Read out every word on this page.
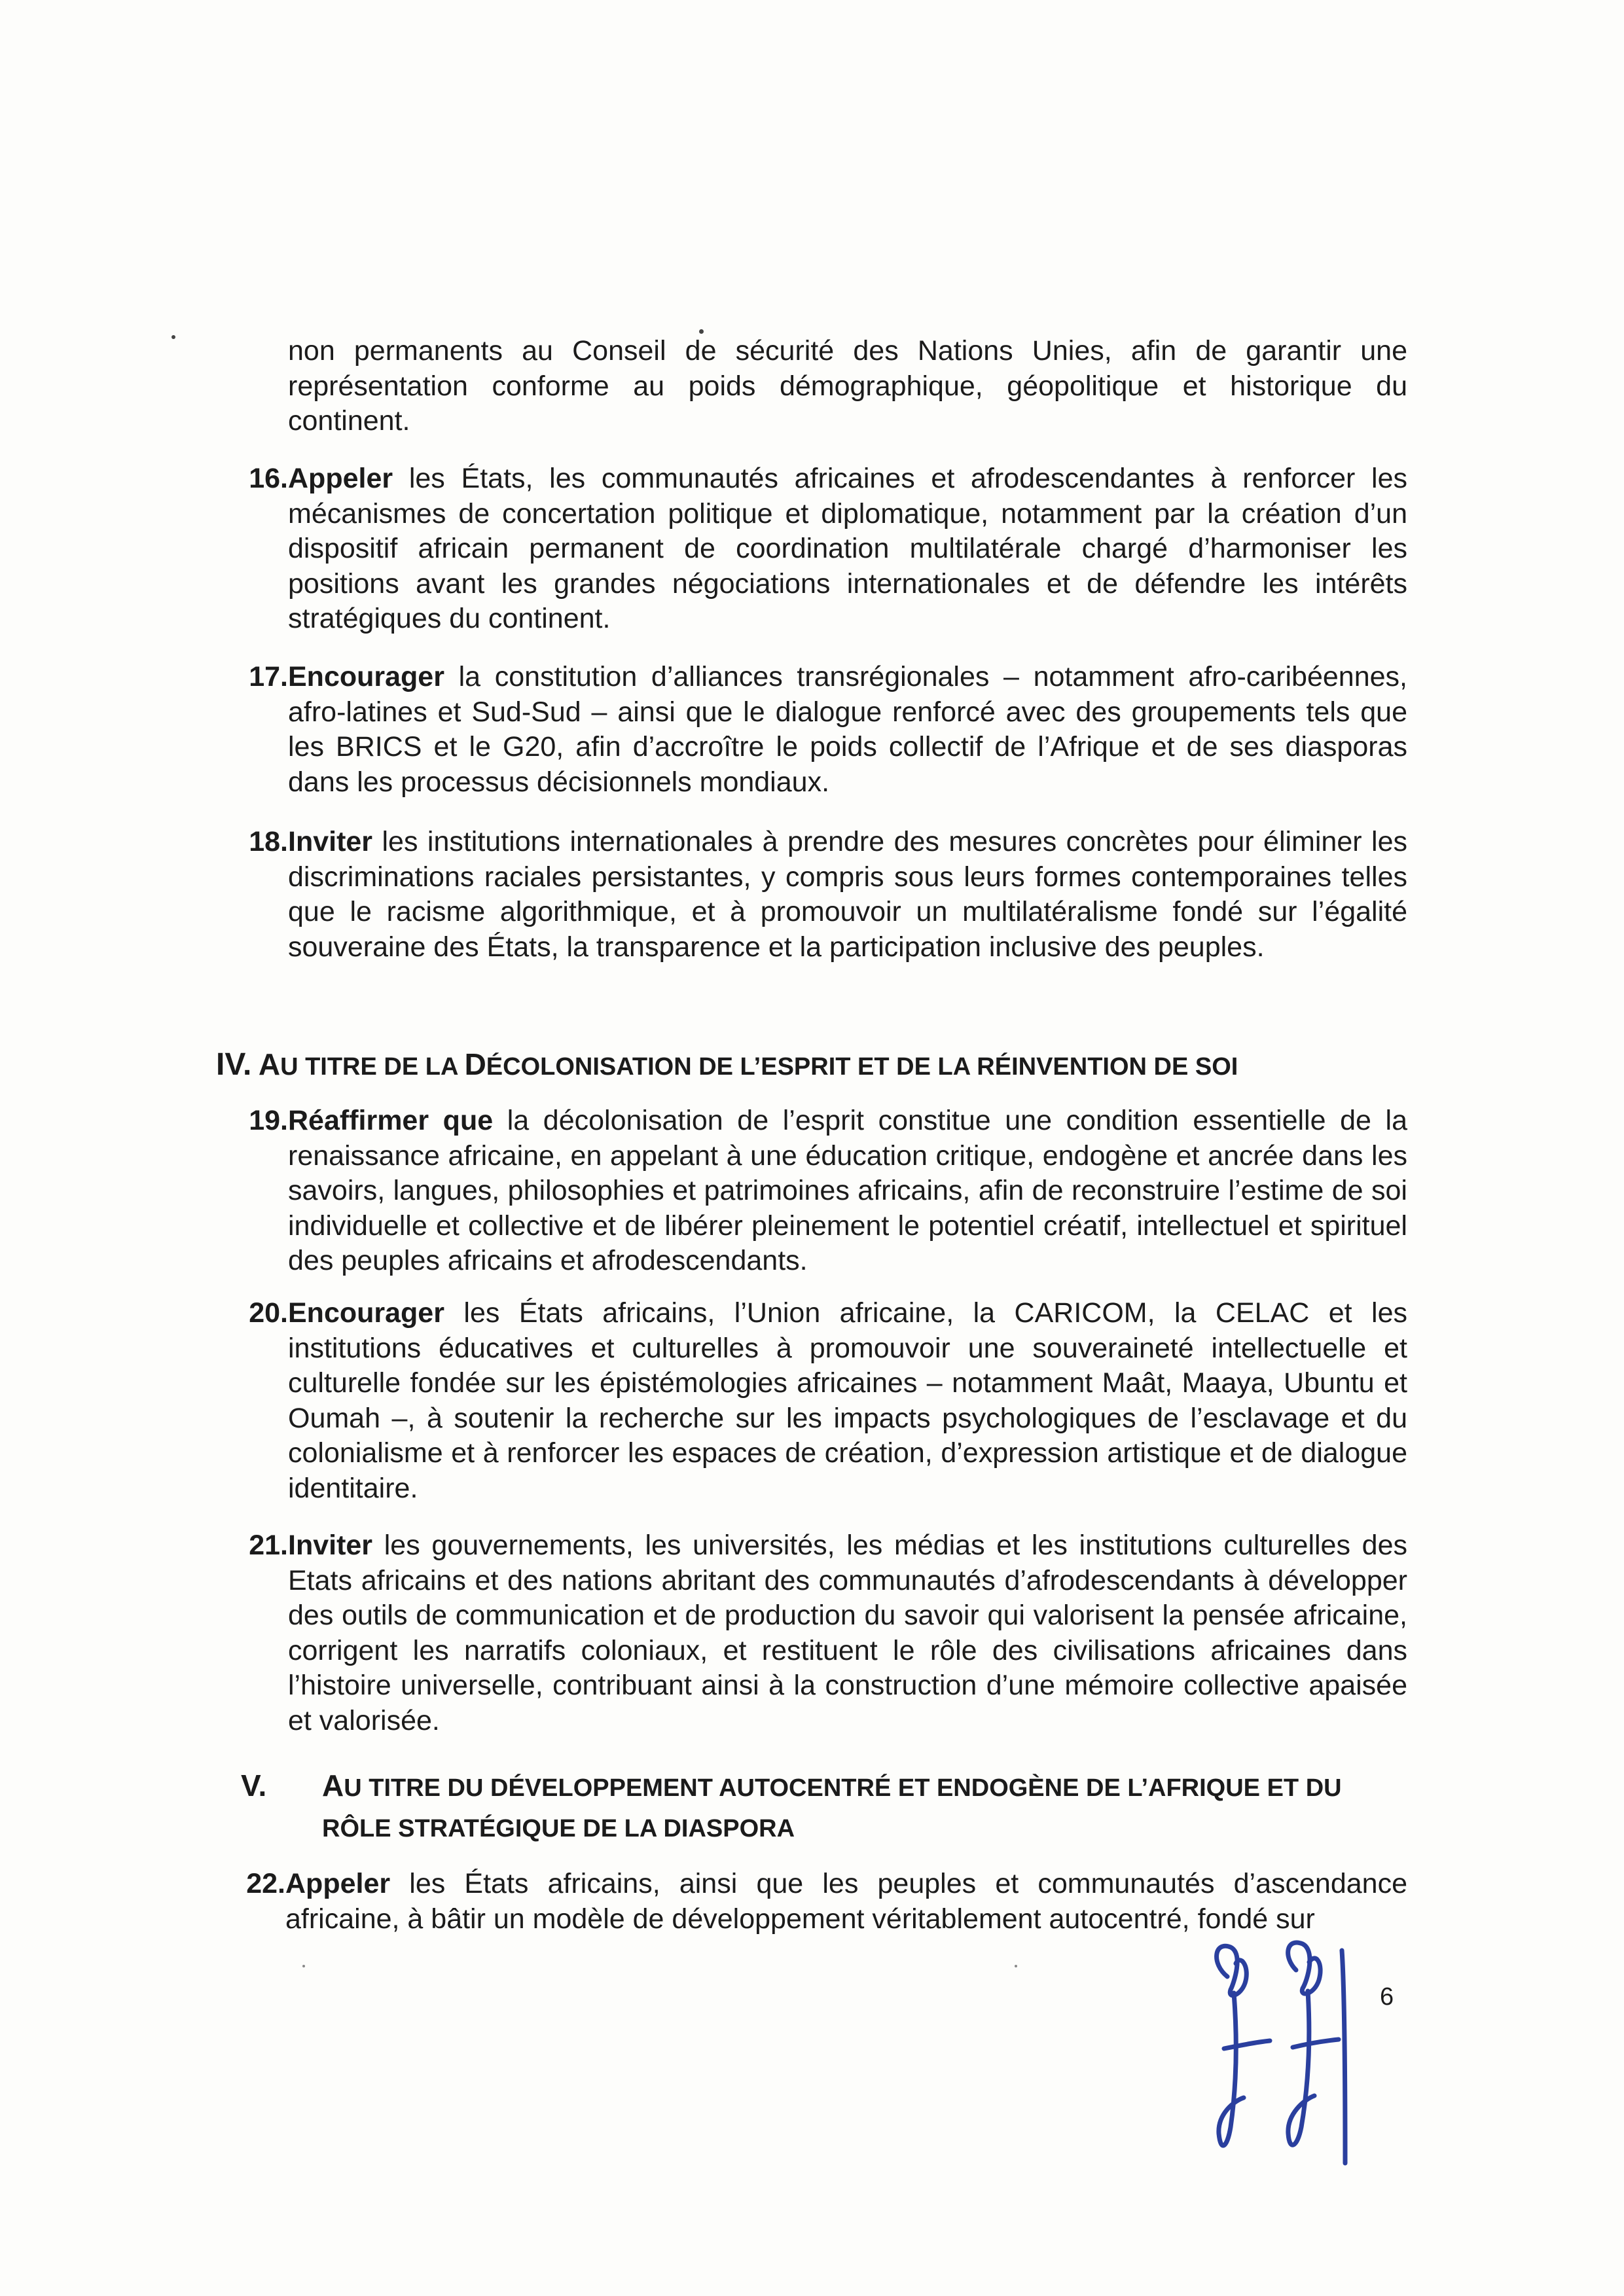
non permanents au Conseil de sécurité des Nations Unies, afin de garantir une représentation conforme au poids démographique, géopolitique et historique du continent.

16. Appeler les États, les communautés africaines et afrodescendantes à renforcer les mécanismes de concertation politique et diplomatique, notamment par la création d’un dispositif africain permanent de coordination multilatérale chargé d’harmoniser les positions avant les grandes négociations internationales et de défendre les intérêts stratégiques du continent.
17. Encourager la constitution d’alliances transrégionales – notamment afro-caribéennes, afro-latines et Sud-Sud – ainsi que le dialogue renforcé avec des groupements tels que les BRICS et le G20, afin d’accroître le poids collectif de l’Afrique et de ses diasporas dans les processus décisionnels mondiaux.
18. Inviter les institutions internationales à prendre des mesures concrètes pour éliminer les discriminations raciales persistantes, y compris sous leurs formes contemporaines telles que le racisme algorithmique, et à promouvoir un multilatéralisme fondé sur l’égalité souveraine des États, la transparence et la participation inclusive des peuples.
IV. AU TITRE DE LA DÉCOLONISATION DE L’ESPRIT ET DE LA RÉINVENTION DE SOI
19. Réaffirmer que la décolonisation de l’esprit constitue une condition essentielle de la renaissance africaine, en appelant à une éducation critique, endogène et ancrée dans les savoirs, langues, philosophies et patrimoines africains, afin de reconstruire l’estime de soi individuelle et collective et de libérer pleinement le potentiel créatif, intellectuel et spirituel des peuples africains et afrodescendants.
20. Encourager les États africains, l’Union africaine, la CARICOM, la CELAC et les institutions éducatives et culturelles à promouvoir une souveraineté intellectuelle et culturelle fondée sur les épistémologies africaines – notamment Maât, Maaya, Ubuntu et Oumah –, à soutenir la recherche sur les impacts psychologiques de l’esclavage et du colonialisme et à renforcer les espaces de création, d’expression artistique et de dialogue identitaire.
21. Inviter les gouvernements, les universités, les médias et les institutions culturelles des Etats africains et des nations abritant des communautés d’afrodescendants à développer des outils de communication et de production du savoir qui valorisent la pensée africaine, corrigent les narratifs coloniaux, et restituent le rôle des civilisations africaines dans l’histoire universelle, contribuant ainsi à la construction d’une mémoire collective apaisée et valorisée.
V.	AU TITRE DU DÉVELOPPEMENT AUTOCENTRÉ ET ENDOGÈNE DE L’AFRIQUE ET DU RÔLE STRATÉGIQUE DE LA DIASPORA
22. Appeler les États africains, ainsi que les peuples et communautés d’ascendance africaine, à bâtir un modèle de développement véritablement autocentré, fondé sur
6
